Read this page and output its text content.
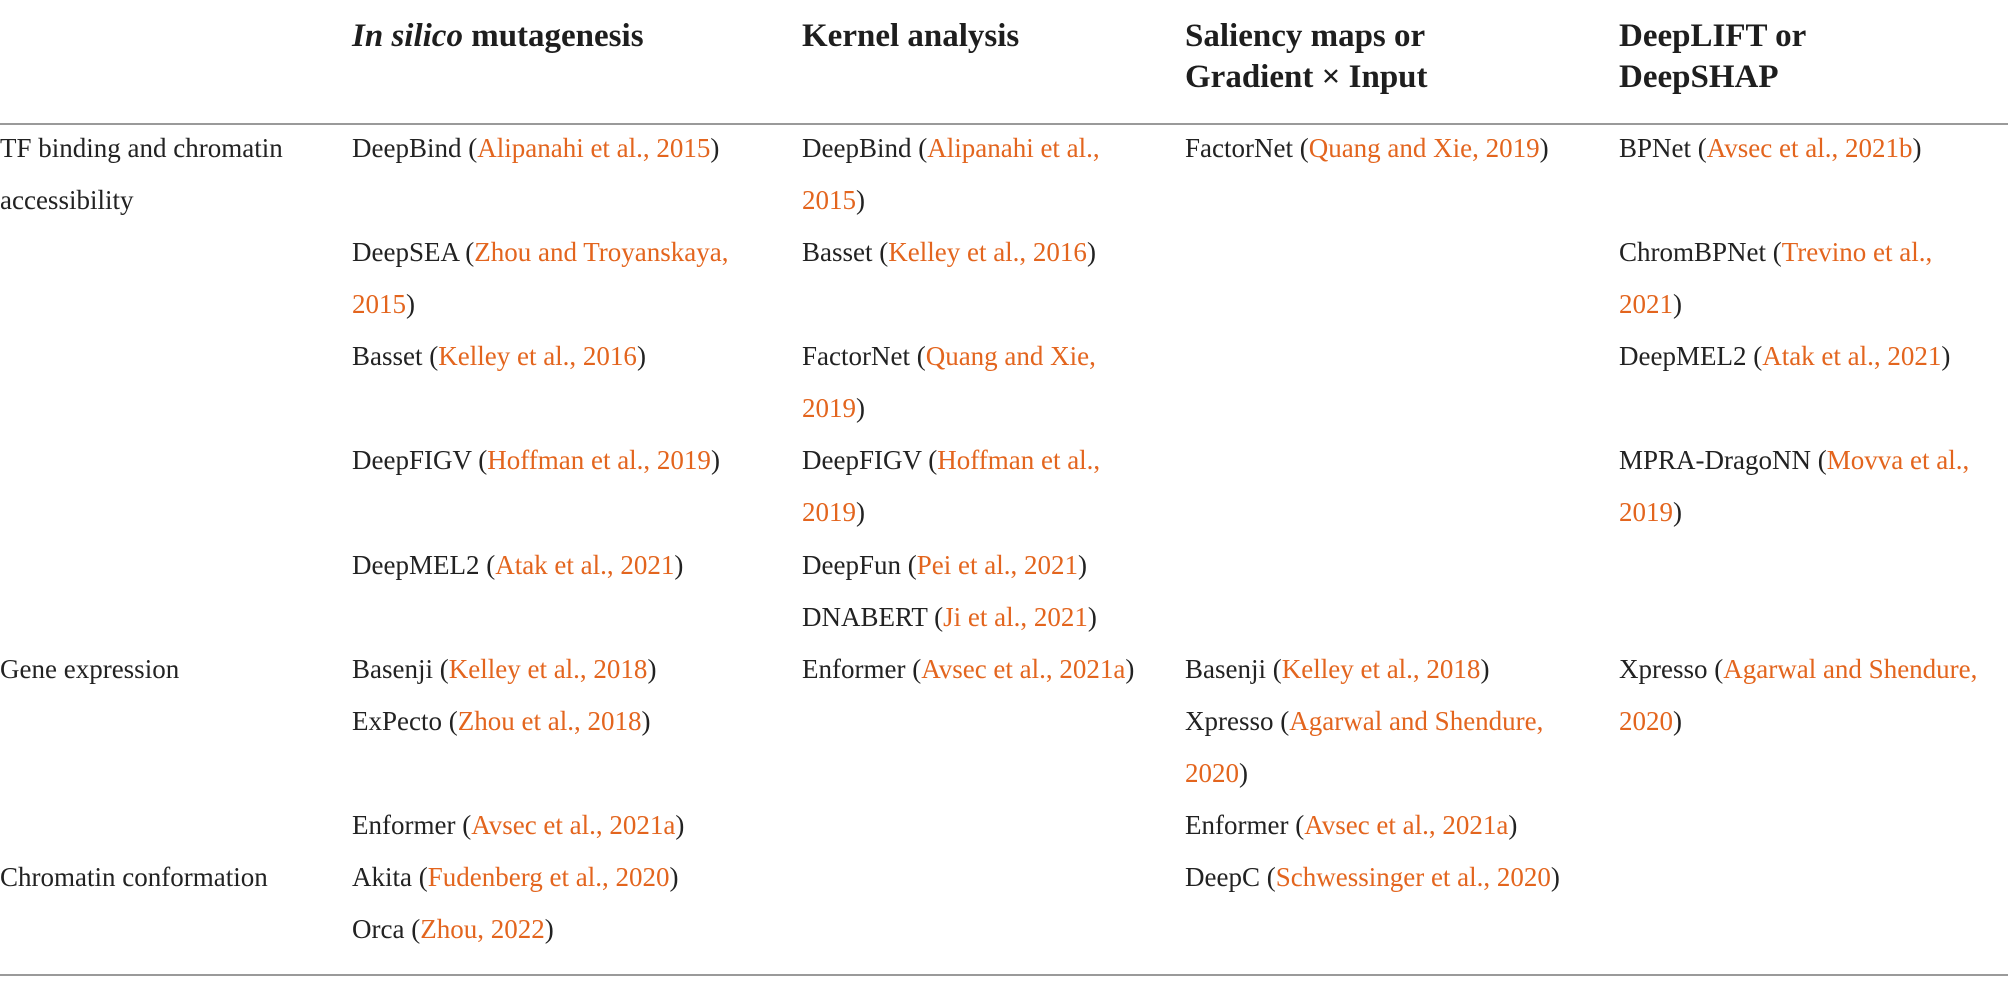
In silico mutagenesis	Kernel analysis	Saliency maps or
Gradient × Input
DeepLIFT or
DeepSHAP
TF binding and chromatin
accessibility
Gene expression
Chromatin conformation
DeepBind (Alipanahi et al., 2015)
DeepSEA (Zhou and Troyanskaya,
2015)
Basset (Kelley et al., 2016)
DeepFIGV (Hoffman et al., 2019)
DeepMEL2 (Atak et al., 2021)
Basenji (Kelley et al., 2018)
ExPecto (Zhou et al., 2018)
Enformer (Avsec et al., 2021a)
Akita (Fudenberg et al., 2020)
Orca (Zhou, 2022)
DeepBind (Alipanahi et al.,
2015)
Basset (Kelley et al., 2016)
FactorNet (Quang and Xie,
2019)
DeepFIGV (Hoffman et al.,
2019)
DeepFun (Pei et al., 2021)
DNABERT (Ji et al., 2021)
Enformer (Avsec et al., 2021a)
FactorNet (Quang and Xie, 2019)
Basenji (Kelley et al., 2018)
Xpresso (Agarwal and Shendure,
2020)
Enformer (Avsec et al., 2021a)
DeepC (Schwessinger et al., 2020)
BPNet (Avsec et al., 2021b)
ChromBPNet (Trevino et al.,
2021)
DeepMEL2 (Atak et al., 2021)
MPRA-DragoNN (Movva et al.,
2019)
Xpresso (Agarwal and Shendure,
2020)
